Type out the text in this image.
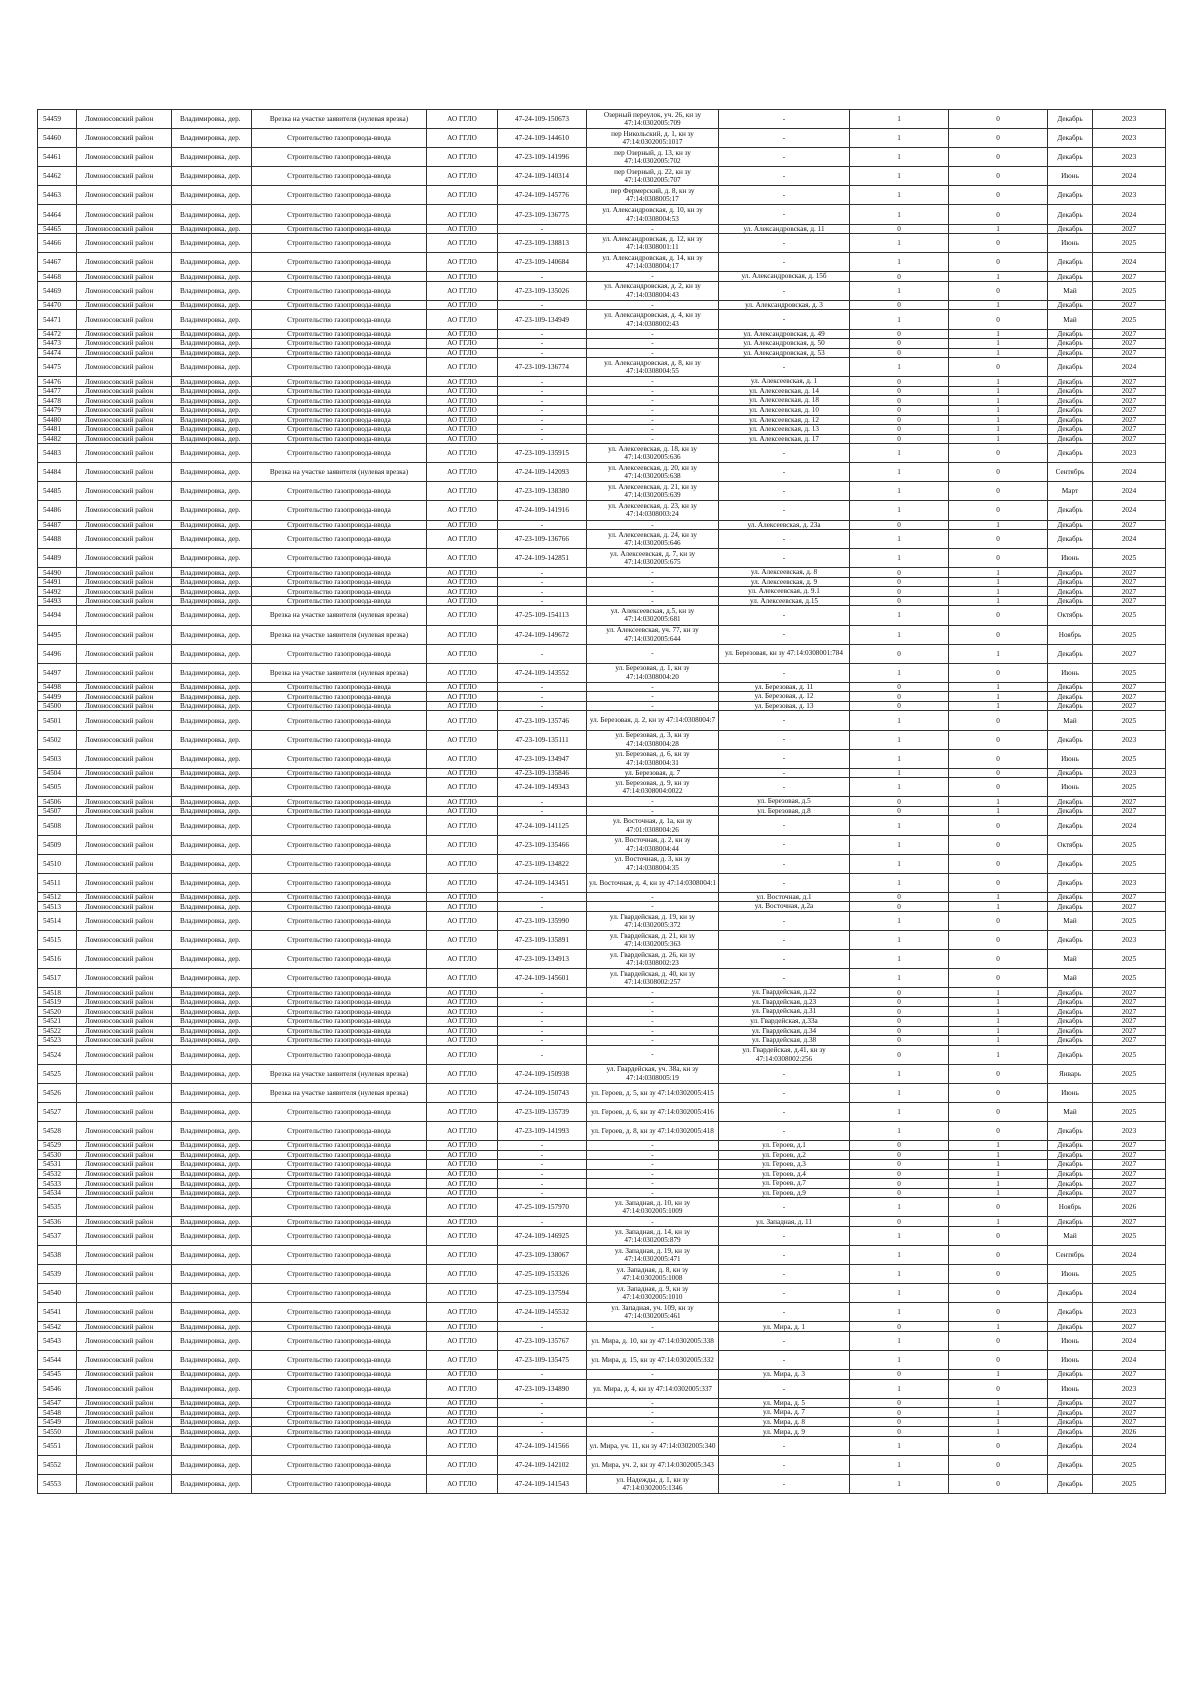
54459	Ломоносовский район	Владимировка, дер.	Врезка на участке заявителя (нулевая врезка)	АО ГГЛО	47-24-109-150673	Озерный переулок, уч. 26, кн зу 47:14:0302005:709	-	1	0	Декабрь	2023
54460	Ломоносовский район	Владимировка, дер.	Строительство газопровода-ввода	АО ГГЛО	47-24-109-144610	пер Никольский, д. 1, кн зу 47:14:0302005:1017	-	1	0	Декабрь	2023
54461	Ломоносовский район	Владимировка, дер.	Строительство газопровода-ввода	АО ГГЛО	47-23-109-141996	пер Озерный, д. 13, кн зу 47:14:0302005:702	-	1	0	Декабрь	2023
54462	Ломоносовский район	Владимировка, дер.	Строительство газопровода-ввода	АО ГГЛО	47-24-109-140314	пер Озерный, д. 22, кн зу 47:14:0302005:707	-	1	0	Июнь	2024
54463	Ломоносовский район	Владимировка, дер.	Строительство газопровода-ввода	АО ГГЛО	47-24-109-145776	пер Фермерский, д. 8, кн зу 47:14:0308005:17	-	1	0	Декабрь	2023
54464	Ломоносовский район	Владимировка, дер.	Строительство газопровода-ввода	АО ГГЛО	47-23-109-136775	ул. Александровская, д. 10, кн зу 47:14:0308004:53	-	1	0	Декабрь	2024
54465	Ломоносовский район	Владимировка, дер.	Строительство газопровода-ввода	АО ГГЛО	-	-	ул. Александровская, д. 11	0	1	Декабрь	2027
54466	Ломоносовский район	Владимировка, дер.	Строительство газопровода-ввода	АО ГГЛО	47-23-109-138813	ул. Александровская, д. 12, кн зу 47:14:0308001:11	-	1	0	Июнь	2025
54467	Ломоносовский район	Владимировка, дер.	Строительство газопровода-ввода	АО ГГЛО	47-23-109-140684	ул. Александровская, д. 14, кн зу 47:14:0308004:17	-	1	0	Декабрь	2024
54468	Ломоносовский район	Владимировка, дер.	Строительство газопровода-ввода	АО ГГЛО	-	-	ул. Александровская, д. 15б	0	1	Декабрь	2027
54469	Ломоносовский район	Владимировка, дер.	Строительство газопровода-ввода	АО ГГЛО	47-23-109-135026	ул. Александровская, д. 2, кн зу 47:14:0308004:43	-	1	0	Май	2025
54470	Ломоносовский район	Владимировка, дер.	Строительство газопровода-ввода	АО ГГЛО	-	-	ул. Александровская, д. 3	0	1	Декабрь	2027
54471	Ломоносовский район	Владимировка, дер.	Строительство газопровода-ввода	АО ГГЛО	47-23-109-134949	ул. Александровская, д. 4, кн зу 47:14:0308002:43	-	1	0	Май	2025
54472	Ломоносовский район	Владимировка, дер.	Строительство газопровода-ввода	АО ГГЛО	-	-	ул. Александровская, д. 49	0	1	Декабрь	2027
54473	Ломоносовский район	Владимировка, дер.	Строительство газопровода-ввода	АО ГГЛО	-	-	ул. Александровская, д. 50	0	1	Декабрь	2027
54474	Ломоносовский район	Владимировка, дер.	Строительство газопровода-ввода	АО ГГЛО	-	-	ул. Александровская, д. 53	0	1	Декабрь	2027
54475	Ломоносовский район	Владимировка, дер.	Строительство газопровода-ввода	АО ГГЛО	47-23-109-136774	ул. Александровская, д. 8, кн зу 47:14:0308004:55	-	1	0	Декабрь	2024
54476	Ломоносовский район	Владимировка, дер.	Строительство газопровода-ввода	АО ГГЛО	-	-	ул. Алексеевская, д. 1	0	1	Декабрь	2027
54477	Ломоносовский район	Владимировка, дер.	Строительство газопровода-ввода	АО ГГЛО	-	-	ул. Алексеевская, д. 14	0	1	Декабрь	2027
54478	Ломоносовский район	Владимировка, дер.	Строительство газопровода-ввода	АО ГГЛО	-	-	ул. Алексеевская, д. 18	0	1	Декабрь	2027
54479	Ломоносовский район	Владимировка, дер.	Строительство газопровода-ввода	АО ГГЛО	-	-	ул. Алексеевская, д. 10	0	1	Декабрь	2027
54480	Ломоносовский район	Владимировка, дер.	Строительство газопровода-ввода	АО ГГЛО	-	-	ул. Алексеевская, д. 12	0	1	Декабрь	2027
54481	Ломоносовский район	Владимировка, дер.	Строительство газопровода-ввода	АО ГГЛО	-	-	ул. Алексеевская, д. 13	0	1	Декабрь	2027
54482	Ломоносовский район	Владимировка, дер.	Строительство газопровода-ввода	АО ГГЛО	-	-	ул. Алексеевская, д. 17	0	1	Декабрь	2027
54483	Ломоносовский район	Владимировка, дер.	Строительство газопровода-ввода	АО ГГЛО	47-23-109-135915	ул. Алексеевская, д. 18, кн зу 47:14:0302005:636	-	1	0	Декабрь	2023
54484	Ломоносовский район	Владимировка, дер.	Врезка на участке заявителя (нулевая врезка)	АО ГГЛО	47-24-109-142093	ул. Алексеевская, д. 20, кн зу 47:14:0302005:638	-	1	0	Сентябрь	2024
54485	Ломоносовский район	Владимировка, дер.	Строительство газопровода-ввода	АО ГГЛО	47-23-109-138380	ул. Алексеевская, д. 21, кн зу 47:14:0302005:639	-	1	0	Март	2024
54486	Ломоносовский район	Владимировка, дер.	Строительство газопровода-ввода	АО ГГЛО	47-24-109-141916	ул. Алексеевская, д. 23, кн зу 47:14:0308003:24	-	1	0	Декабрь	2024
54487	Ломоносовский район	Владимировка, дер.	Строительство газопровода-ввода	АО ГГЛО	-	-	ул. Алексеевская, д. 23а	0	1	Декабрь	2027
54488	Ломоносовский район	Владимировка, дер.	Строительство газопровода-ввода	АО ГГЛО	47-23-109-136766	ул. Алексеевская, д. 24, кн зу 47:14:0302005:646	-	1	0	Декабрь	2024
54489	Ломоносовский район	Владимировка, дер.	Строительство газопровода-ввода	АО ГГЛО	47-24-109-142851	ул. Алексеевская, д. 7, кн зу 47:14:0302005:675	-	1	0	Июнь	2025
54490	Ломоносовский район	Владимировка, дер.	Строительство газопровода-ввода	АО ГГЛО	-	-	ул. Алексеевская, д. 8	0	1	Декабрь	2027
54491	Ломоносовский район	Владимировка, дер.	Строительство газопровода-ввода	АО ГГЛО	-	-	ул. Алексеевская, д. 9	0	1	Декабрь	2027
54492	Ломоносовский район	Владимировка, дер.	Строительство газопровода-ввода	АО ГГЛО	-	-	ул. Алексеевская, д. 9.1	0	1	Декабрь	2027
54493	Ломоносовский район	Владимировка, дер.	Строительство газопровода-ввода	АО ГГЛО	-	-	ул. Алексеевская, д.15	0	1	Декабрь	2027
54494	Ломоносовский район	Владимировка, дер.	Врезка на участке заявителя (нулевая врезка)	АО ГГЛО	47-25-109-154113	ул. Алексеевская, д.5, кн зу 47:14:0302005:681	-	1	0	Октябрь	2025
54495	Ломоносовский район	Владимировка, дер.	Врезка на участке заявителя (нулевая врезка)	АО ГГЛО	47-24-109-149672	ул. Алексеевская, уч. 77, кн зу 47:14:0302005:644	-	1	0	Ноябрь	2025
54496	Ломоносовский район	Владимировка, дер.	Строительство газопровода-ввода	АО ГГЛО	-	-	ул. Березовая, кн зу 47:14:0308001:784	0	1	Декабрь	2027
54497	Ломоносовский район	Владимировка, дер.	Врезка на участке заявителя (нулевая врезка)	АО ГГЛО	47-24-109-143552	ул. Березовая, д. 1, кн зу 47:14:0308004:20	-	1	0	Июнь	2025
54498	Ломоносовский район	Владимировка, дер.	Строительство газопровода-ввода	АО ГГЛО	-	-	ул. Березовая, д. 11	0	1	Декабрь	2027
54499	Ломоносовский район	Владимировка, дер.	Строительство газопровода-ввода	АО ГГЛО	-	-	ул. Березовая, д. 12	0	1	Декабрь	2027
54500	Ломоносовский район	Владимировка, дер.	Строительство газопровода-ввода	АО ГГЛО	-	-	ул. Березовая, д. 13	0	1	Декабрь	2027
54501	Ломоносовский район	Владимировка, дер.	Строительство газопровода-ввода	АО ГГЛО	47-23-109-135746	ул. Березовая, д. 2, кн зу 47:14:0308004:7	-	1	0	Май	2025
54502	Ломоносовский район	Владимировка, дер.	Строительство газопровода-ввода	АО ГГЛО	47-23-109-135111	ул. Березовая, д. 3, кн зу 47:14:0308004:28	-	1	0	Декабрь	2023
54503	Ломоносовский район	Владимировка, дер.	Строительство газопровода-ввода	АО ГГЛО	47-23-109-134947	ул. Березовая, д. 6, кн зу 47:14:0308004:31	-	1	0	Июнь	2025
54504	Ломоносовский район	Владимировка, дер.	Строительство газопровода-ввода	АО ГГЛО	47-23-109-135846	ул. Березовая, д. 7	-	1	0	Декабрь	2023
54505	Ломоносовский район	Владимировка, дер.	Строительство газопровода-ввода	АО ГГЛО	47-24-109-149343	ул. Березовая, д. 9, кн зу 47:14:0308004:0022	-	1	0	Июнь	2025
54506	Ломоносовский район	Владимировка, дер.	Строительство газопровода-ввода	АО ГГЛО	-	-	ул. Березовая, д.5	0	1	Декабрь	2027
54507	Ломоносовский район	Владимировка, дер.	Строительство газопровода-ввода	АО ГГЛО	-	-	ул. Березовая, д.8	0	1	Декабрь	2027
54508	Ломоносовский район	Владимировка, дер.	Строительство газопровода-ввода	АО ГГЛО	47-24-109-141125	ул. Восточная, д. 1а, кн зу 47:01:0308004:26	-	1	0	Декабрь	2024
54509	Ломоносовский район	Владимировка, дер.	Строительство газопровода-ввода	АО ГГЛО	47-23-109-135466	ул. Восточная, д. 2, кн зу 47:14:0308004:44	-	1	0	Октябрь	2025
54510	Ломоносовский район	Владимировка, дер.	Строительство газопровода-ввода	АО ГГЛО	47-23-109-134822	ул. Восточная, д. 3, кн зу 47:14:0308004:35	-	1	0	Декабрь	2025
54511	Ломоносовский район	Владимировка, дер.	Строительство газопровода-ввода	АО ГГЛО	47-24-109-143451	ул. Восточная, д. 4, кн зу 47:14:0308004:1	-	1	0	Декабрь	2023
54512	Ломоносовский район	Владимировка, дер.	Строительство газопровода-ввода	АО ГГЛО	-	-	ул. Восточная, д.1	0	1	Декабрь	2027
54513	Ломоносовский район	Владимировка, дер.	Строительство газопровода-ввода	АО ГГЛО	-	-	ул. Восточная, д.2а	0	1	Декабрь	2027
54514	Ломоносовский район	Владимировка, дер.	Строительство газопровода-ввода	АО ГГЛО	47-23-109-135990	ул. Гвардейская, д. 19, кн зу 47:14:0302005:372	-	1	0	Май	2025
54515	Ломоносовский район	Владимировка, дер.	Строительство газопровода-ввода	АО ГГЛО	47-23-109-135891	ул. Гвардейская, д. 21, кн зу 47:14:0302005:363	-	1	0	Декабрь	2023
54516	Ломоносовский район	Владимировка, дер.	Строительство газопровода-ввода	АО ГГЛО	47-23-109-134913	ул. Гвардейская, д. 26, кн зу 47:14:0308002:23	-	1	0	Май	2025
54517	Ломоносовский район	Владимировка, дер.	Строительство газопровода-ввода	АО ГГЛО	47-24-109-145601	ул. Гвардейская, д. 40, кн зу 47:14:0308002:257	-	1	0	Май	2025
54518	Ломоносовский район	Владимировка, дер.	Строительство газопровода-ввода	АО ГГЛО	-	-	ул. Гвардейская, д.22	0	1	Декабрь	2027
54519	Ломоносовский район	Владимировка, дер.	Строительство газопровода-ввода	АО ГГЛО	-	-	ул. Гвардейская, д.23	0	1	Декабрь	2027
54520	Ломоносовский район	Владимировка, дер.	Строительство газопровода-ввода	АО ГГЛО	-	-	ул. Гвардейская, д.31	0	1	Декабрь	2027
54521	Ломоносовский район	Владимировка, дер.	Строительство газопровода-ввода	АО ГГЛО	-	-	ул. Гвардейская, д.33а	0	1	Декабрь	2027
54522	Ломоносовский район	Владимировка, дер.	Строительство газопровода-ввода	АО ГГЛО	-	-	ул. Гвардейская, д.34	0	1	Декабрь	2027
54523	Ломоносовский район	Владимировка, дер.	Строительство газопровода-ввода	АО ГГЛО	-	-	ул. Гвардейская, д.38	0	1	Декабрь	2027
54524	Ломоносовский район	Владимировка, дер.	Строительство газопровода-ввода	АО ГГЛО	-	-	ул. Гвардейская, д.41, кн зу 47:14:0308002:256	0	1	Декабрь	2025
54525	Ломоносовский район	Владимировка, дер.	Врезка на участке заявителя (нулевая врезка)	АО ГГЛО	47-24-109-150938	ул. Гвардейская, уч. 38а, кн зу 47:14:0308005:19	-	1	0	Январь	2025
54526	Ломоносовский район	Владимировка, дер.	Врезка на участке заявителя (нулевая врезка)	АО ГГЛО	47-24-109-150743	ул. Героев, д. 5, кн зу 47:14:0302005:415	-	1	0	Июнь	2025
54527	Ломоносовский район	Владимировка, дер.	Строительство газопровода-ввода	АО ГГЛО	47-23-109-135739	ул. Героев, д. 6, кн зу 47:14:0302005:416	-	1	0	Май	2025
54528	Ломоносовский район	Владимировка, дер.	Строительство газопровода-ввода	АО ГГЛО	47-23-109-141993	ул. Героев, д. 8, кн зу 47:14:0302005:418	-	1	0	Декабрь	2023
54529	Ломоносовский район	Владимировка, дер.	Строительство газопровода-ввода	АО ГГЛО	-	-	ул. Героев, д.1	0	1	Декабрь	2027
54530	Ломоносовский район	Владимировка, дер.	Строительство газопровода-ввода	АО ГГЛО	-	-	ул. Героев, д.2	0	1	Декабрь	2027
54531	Ломоносовский район	Владимировка, дер.	Строительство газопровода-ввода	АО ГГЛО	-	-	ул. Героев, д.3	0	1	Декабрь	2027
54532	Ломоносовский район	Владимировка, дер.	Строительство газопровода-ввода	АО ГГЛО	-	-	ул. Героев, д.4	0	1	Декабрь	2027
54533	Ломоносовский район	Владимировка, дер.	Строительство газопровода-ввода	АО ГГЛО	-	-	ул. Героев, д.7	0	1	Декабрь	2027
54534	Ломоносовский район	Владимировка, дер.	Строительство газопровода-ввода	АО ГГЛО	-	-	ул. Героев, д.9	0	1	Декабрь	2027
54535	Ломоносовский район	Владимировка, дер.	Строительство газопровода-ввода	АО ГГЛО	47-25-109-157970	ул. Западная, д. 10, кн зу 47:14:0302005:1009	-	1	0	Ноябрь	2026
54536	Ломоносовский район	Владимировка, дер.	Строительство газопровода-ввода	АО ГГЛО	-	-	ул. Западная, д. 11	0	1	Декабрь	2027
54537	Ломоносовский район	Владимировка, дер.	Строительство газопровода-ввода	АО ГГЛО	47-24-109-146925	ул. Западная, д. 14, кн зу 47:14:0302005:879	-	1	0	Май	2025
54538	Ломоносовский район	Владимировка, дер.	Строительство газопровода-ввода	АО ГГЛО	47-23-109-138067	ул. Западная, д. 19, кн зу 47:14:0302005:471	-	1	0	Сентябрь	2024
54539	Ломоносовский район	Владимировка, дер.	Строительство газопровода-ввода	АО ГГЛО	47-25-109-153326	ул. Западная, д. 8, кн зу 47:14:0302005:1008	-	1	0	Июнь	2025
54540	Ломоносовский район	Владимировка, дер.	Строительство газопровода-ввода	АО ГГЛО	47-23-109-137594	ул. Западная, д. 9, кн зу 47:14:0302005:1010	-	1	0	Декабрь	2024
54541	Ломоносовский район	Владимировка, дер.	Строительство газопровода-ввода	АО ГГЛО	47-24-109-145532	ул. Западная, уч. 109, кн зу 47:14:0302005:461	-	1	0	Декабрь	2023
54542	Ломоносовский район	Владимировка, дер.	Строительство газопровода-ввода	АО ГГЛО	-	-	ул. Мира, д. 1	0	1	Декабрь	2027
54543	Ломоносовский район	Владимировка, дер.	Строительство газопровода-ввода	АО ГГЛО	47-23-109-135767	ул. Мира, д. 10, кн зу 47:14:0302005:338	-	1	0	Июнь	2024
54544	Ломоносовский район	Владимировка, дер.	Строительство газопровода-ввода	АО ГГЛО	47-23-109-135475	ул. Мира, д. 15, кн зу 47:14:0302005:332	-	1	0	Июнь	2024
54545	Ломоносовский район	Владимировка, дер.	Строительство газопровода-ввода	АО ГГЛО	-	-	ул. Мира, д. 3	0	1	Декабрь	2027
54546	Ломоносовский район	Владимировка, дер.	Строительство газопровода-ввода	АО ГГЛО	47-23-109-134890	ул. Мира, д. 4, кн зу 47:14:0302005:337	-	1	0	Июнь	2023
54547	Ломоносовский район	Владимировка, дер.	Строительство газопровода-ввода	АО ГГЛО	-	-	ул. Мира, д. 5	0	1	Декабрь	2027
54548	Ломоносовский район	Владимировка, дер.	Строительство газопровода-ввода	АО ГГЛО	-	-	ул. Мира, д. 7	0	1	Декабрь	2027
54549	Ломоносовский район	Владимировка, дер.	Строительство газопровода-ввода	АО ГГЛО	-	-	ул. Мира, д. 8	0	1	Декабрь	2027
54550	Ломоносовский район	Владимировка, дер.	Строительство газопровода-ввода	АО ГГЛО	-	-	ул. Мира, д. 9	0	1	Декабрь	2026
54551	Ломоносовский район	Владимировка, дер.	Строительство газопровода-ввода	АО ГГЛО	47-24-109-141566	ул. Мира, уч. 11, кн зу 47:14:0302005:340	-	1	0	Декабрь	2024
54552	Ломоносовский район	Владимировка, дер.	Строительство газопровода-ввода	АО ГГЛО	47-24-109-142102	ул. Мира, уч. 2, кн зу 47:14:0302005:343	-	1	0	Декабрь	2025
54553	Ломоносовский район	Владимировка, дер.	Строительство газопровода-ввода	АО ГГЛО	47-24-109-141543	ул. Надежды, д. 1, кн зу 47:14:0302005:1346	-	1	0	Декабрь	2025
